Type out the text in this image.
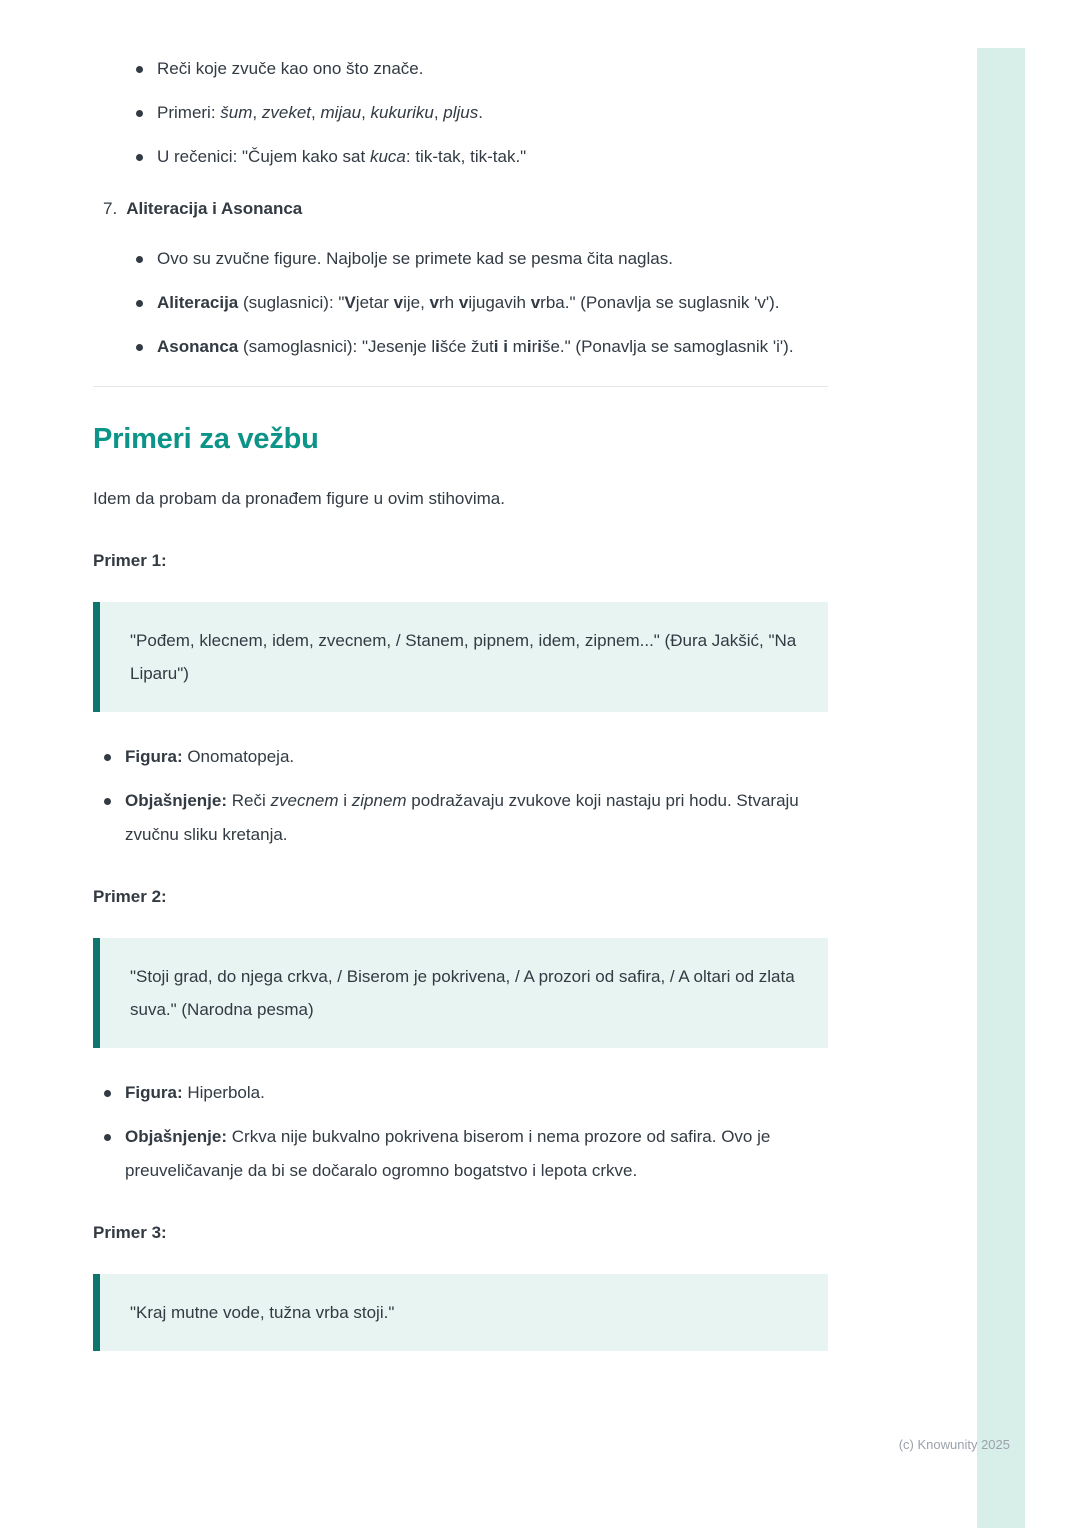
Reči koje zvuče kao ono što znače.
Primeri: šum, zveket, mijau, kukuriku, pljus.
U rečenici: "Čujem kako sat kuca: tik-tak, tik-tak."
7. Aliteracija i Asonanca
Ovo su zvučne figure. Najbolje se primete kad se pesma čita naglas.
Aliteracija (suglasnici): "Vjetar vije, vrh vijugavih vrba." (Ponavlja se suglasnik 'v').
Asonanca (samoglasnici): "Jesenje lišće žuti i miriše." (Ponavlja se samoglasnik 'i').
Primeri za vežbu

Idem da probam da pronađem figure u ovim stihovima.

Primer 1:

"Pođem, klecnem, idem, zvecnem, / Stanem, pipnem, idem, zipnem..." (Đura Jakšić, "Na Liparu")

Figura: Onomatopeja.
Objašnjenje: Reči zvecnem i zipnem podražavaju zvukove koji nastaju pri hodu. Stvaraju zvučnu sliku kretanja.

Primer 2:

"Stoji grad, do njega crkva, / Biserom je pokrivena, / A prozori od safira, / A oltari od zlata suva." (Narodna pesma)

Figura: Hiperbola.
Objašnjenje: Crkva nije bukvalno pokrivena biserom i nema prozore od safira. Ovo je preuveličavanje da bi se dočaralo ogromno bogatstvo i lepota crkve.

Primer 3:

"Kraj mutne vode, tužna vrba stoji."

(c) Knowunity 2025
